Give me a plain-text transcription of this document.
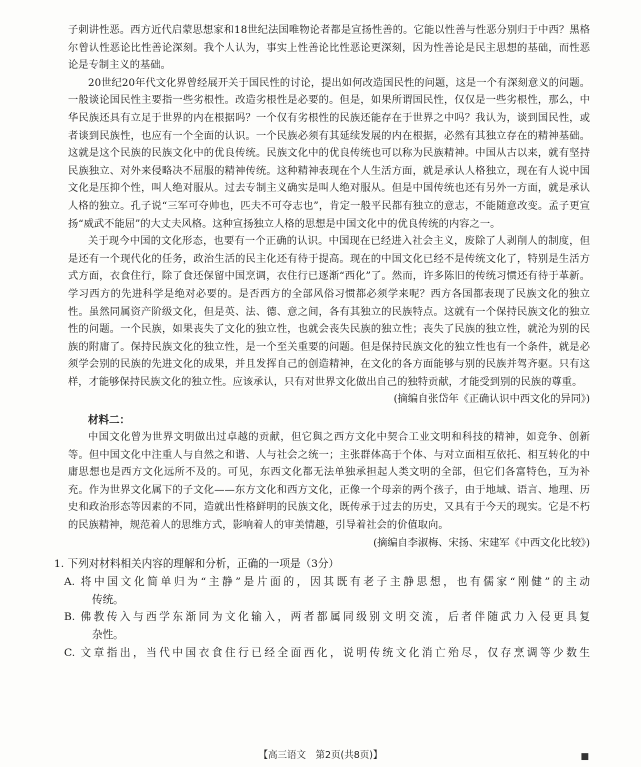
子刺讲性恶。西方近代启蒙思想家和18世纪法国唯物论者都是宣扬性善的。它能以性善与性恶分别归于中西？黑格尔曾认性恶论比性善论深刻。我个人认为，事实上性善论比性恶论更深刻，因为性善论是民主思想的基础，而性恶论是专制主义的基础。

20世纪20年代文化界曾经展开关于国民性的讨论，提出如何改造国民性的问题，这是一个有深刻意义的问题。一般谈论国民性主要指一些劣根性。改造劣根性是必要的。但是，如果所谓国民性，仅仅是一些劣根性，那么，中华民族还具有立足于世界的内在根据吗？一个仅有劣根性的民族还能存在于世界之中吗？我认为，谈到国民性，或者谈到民族性，也应有一个全面的认识。一个民族必须有其延续发展的内在根据，必然有其独立存在的精神基础。这就是这个民族的民族文化中的优良传统。民族文化中的优良传统也可以称为民族精神。中国从古以来，就有坚持民族独立、对外来侵略决不屈服的精神传统。这种精神表现在个人生活方面，就是承认人格独立，现在有人说中国文化是压抑个性，叫人绝对服从。过去专制主义确实是叫人绝对服从。但是中国传统也还有另外一方面，就是承认人格的独立。孔子说“三军可夺帅也，匹夫不可夺志也”，肯定一般平民都有独立的意志，不能随意改变。孟子更宣扬“威武不能屈”的大丈夫风格。这种宣扬独立人格的思想是中国文化中的优良传统的内容之一。

关于现今中国的文化形态，也要有一个正确的认识。中国现在已经进入社会主义，废除了人剥削人的制度，但是还有一个现代化的任务，政治生活的民主化还有待于提高。现在的中国文化已经不是传统文化了，特别是生活方式方面，衣食住行，除了食还保留中国烹调，衣住行已逐渐“西化”了。然而，许多陈旧的传统习惯还有待于革新。学习西方的先进科学是绝对必要的。是否西方的全部风俗习惯都必须学来呢？西方各国都表现了民族文化的独立性。虽然同属资产阶级文化，但是英、法、德、意之间，各有其独立的民族特点。这就有一个保持民族文化的独立性的问题。一个民族，如果丧失了文化的独立性，也就会丧失民族的独立性；丧失了民族的独立性，就沦为别的民族的附庸了。保持民族文化的独立性，是一个至关重要的问题。但是保持民族文化的独立性也有一个条件，就是必须学会别的民族的先进文化的成果，并且发挥自己的创造精神，在文化的各方面能够与别的民族并驾齐驱。只有这样，才能够保持民族文化的独立性。应该承认，只有对世界文化做出自己的独特贡献，才能受到别的民族的尊重。

(摘编自张岱年《正确认识中西文化的异同》)

材料二：

中国文化曾为世界文明做出过卓越的贡献，但它與之西方文化中契合工业文明和科技的精神，如竞争、创新等。但中国文化中注重人与自然之和谐、人与社会之统一；主张群体高于个体、与对立面相互依托、相互转化的中庸思想也是西方文化远所不及的。可见，东西文化都无法单独承担起人类文明的全部，但它们各富特色，互为补充。作为世界文化属下的子文化——东方文化和西方文化，正像一个母亲的两个孩子，由于地域、语言、地理、历史和政治形态等因素的不同，造就出性格鲜明的民族文化，既传承于过去的历史，又具有于今天的现实。它是不朽的民族精神，规范着人的思维方式，影响着人的审美情趣，引导着社会的价值取向。

(摘编自李淑梅、宋扬、宋建军《中西文化比较》)

1. 下列对材料相关内容的理解和分析，正确的一项是（3分）

A. 将中国文化简单归为“主静”是片面的，因其既有老子主静思想，也有儒家“刚健”的主动

传统。

B. 佛教传入与西学东渐同为文化输入，两者都属同级别文明交流，后者伴随武力入侵更具复

杂性。

C. 文章指出，当代中国衣食住行已经全面西化，说明传统文化消亡殆尽，仅存烹调等少数生

【高三语文　第2页(共8页)】	■
